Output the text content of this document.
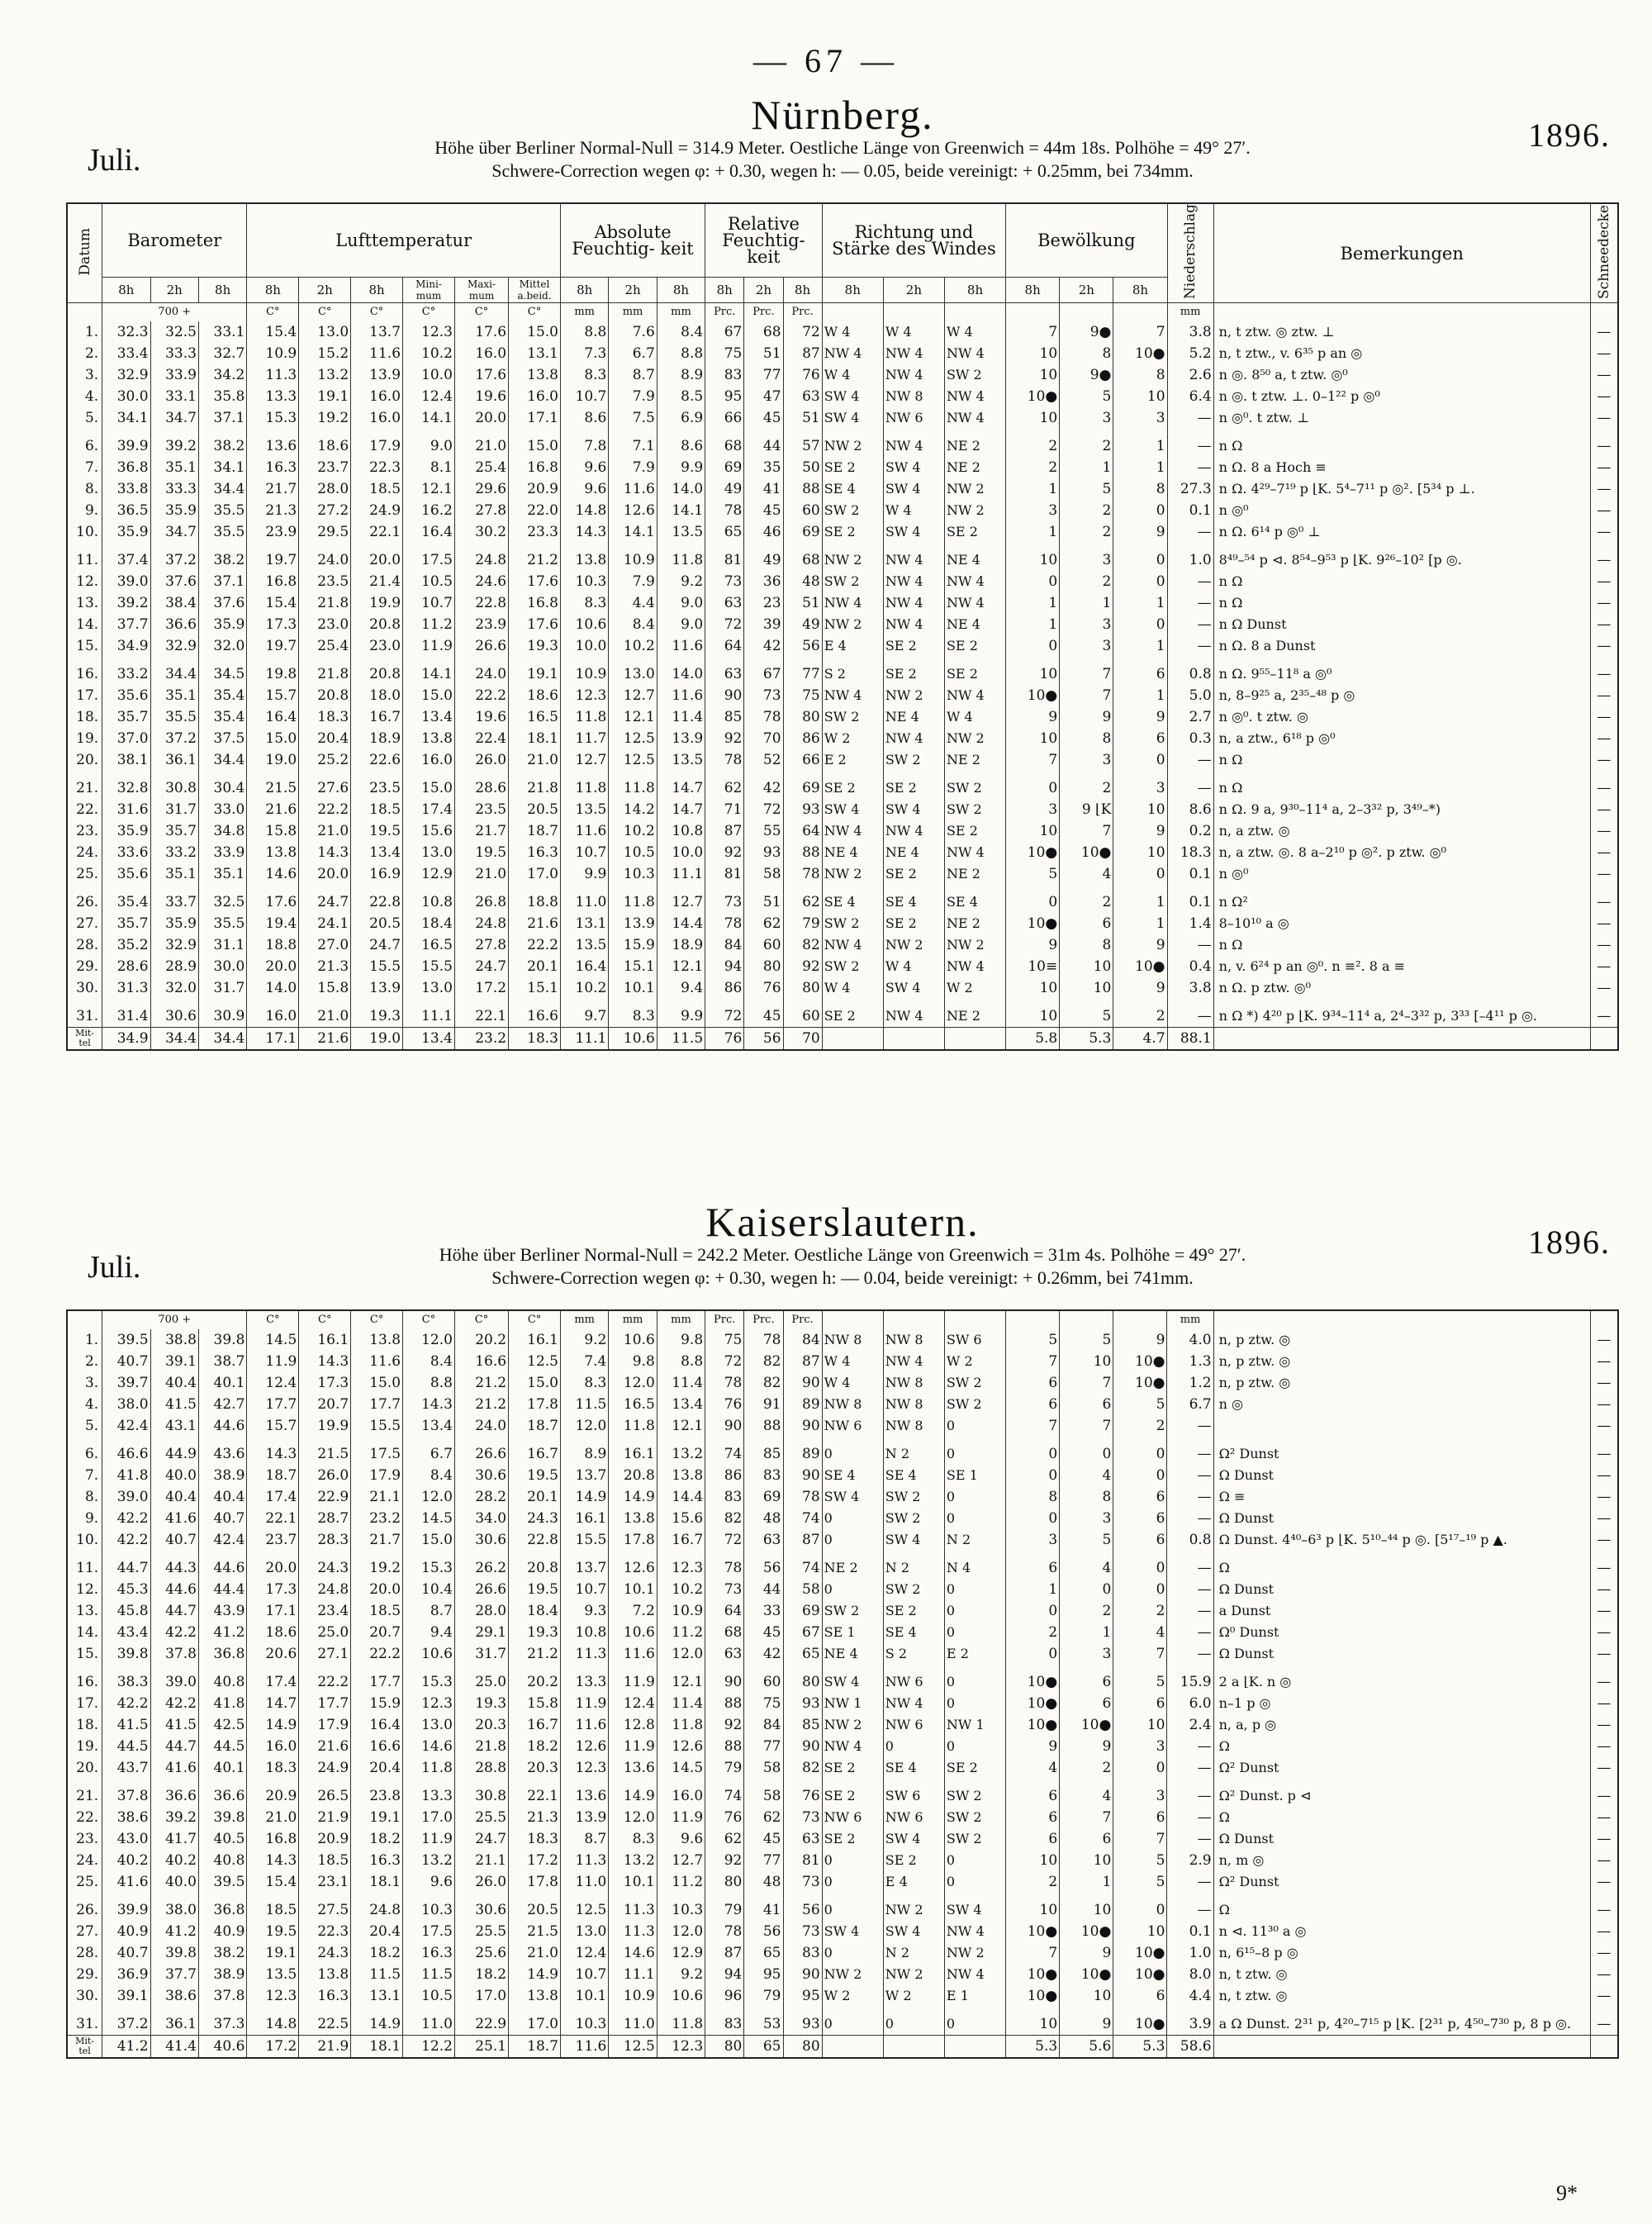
— 67 —
Juli.
Nürnberg.	1896.
Höhe über Berliner Normal-Null = 314.9 Meter. Oestliche Länge von Greenwich = 44m 18s. Polhöhe = 49° 27′.
Schwere-Correction wegen φ: + 0.30, wegen h: — 0.05, beide vereinigt: + 0.25mm, bei 734mm.
Datum	Barometer			Lufttemperatur						Absolute Feuchtig- keit			Relative Feuchtig- keit			Richtung und Stärke des Windes			Bewölkung			Niederschlag	Bemerkungen	Schneedecke
	8h	2h	8h	8h	2h	8h	Mini- mum	Maxi- mum	Mittel a.beid.	8h	2h	8h	8h	2h	8h	8h	2h	8h	8h	2h	8h			
	700 +			C°	C°	C°	C°	C°	C°	mm	mm	mm	Prc.	Prc.	Prc.							mm		
1.	32.3	32.5	33.1	15.4	13.0	13.7	12.3	17.6	15.0	8.8	7.6	8.4	67	68	72	W 4	W 4	W 4	7	9●	7	3.8	n, t ztw. ◎ ztw. ⊥	—
2.	33.4	33.3	32.7	10.9	15.2	11.6	10.2	16.0	13.1	7.3	6.7	8.8	75	51	87	NW 4	NW 4	NW 4	10	8	10●	5.2	n, t ztw., v. 6³⁵ p an ◎	—
3.	32.9	33.9	34.2	11.3	13.2	13.9	10.0	17.6	13.8	8.3	8.7	8.9	83	77	76	W 4	NW 4	SW 2	10	9●	8	2.6	n ◎. 8⁵⁰ a, t ztw. ◎⁰	—
4.	30.0	33.1	35.8	13.3	19.1	16.0	12.4	19.6	16.0	10.7	7.9	8.5	95	47	63	SW 4	NW 8	NW 4	10●	5	10	6.4	n ◎. t ztw. ⊥. 0–1²² p ◎⁰	—
5.	34.1	34.7	37.1	15.3	19.2	16.0	14.1	20.0	17.1	8.6	7.5	6.9	66	45	51	SW 4	NW 6	NW 4	10	3	3	—	n ◎⁰. t ztw. ⊥	—
6.	39.9	39.2	38.2	13.6	18.6	17.9	9.0	21.0	15.0	7.8	7.1	8.6	68	44	57	NW 2	NW 4	NE 2	2	2	1	—	n Ω	—
7.	36.8	35.1	34.1	16.3	23.7	22.3	8.1	25.4	16.8	9.6	7.9	9.9	69	35	50	SE 2	SW 4	NE 2	2	1	1	—	n Ω. 8 a Hoch ≡	—
8.	33.8	33.3	34.4	21.7	28.0	18.5	12.1	29.6	20.9	9.6	11.6	14.0	49	41	88	SE 4	SW 4	NW 2	1	5	8	27.3	n Ω. 4²⁹–7¹⁹ p ⌊Κ. 5⁴–7¹¹ p ◎². [5³⁴ p ⊥.	—
9.	36.5	35.9	35.5	21.3	27.2	24.9	16.2	27.8	22.0	14.8	12.6	14.1	78	45	60	SW 2	W 4	NW 2	3	2	0	0.1	n ◎⁰	—
10.	35.9	34.7	35.5	23.9	29.5	22.1	16.4	30.2	23.3	14.3	14.1	13.5	65	46	69	SE 2	SW 4	SE 2	1	2	9	—	n Ω. 6¹⁴ p ◎⁰ ⊥	—
11.	37.4	37.2	38.2	19.7	24.0	20.0	17.5	24.8	21.2	13.8	10.9	11.8	81	49	68	NW 2	NW 4	NE 4	10	3	0	1.0	8⁴⁹–⁵⁴ p ⊲. 8⁵⁴–9⁵³ p ⌊Κ. 9²⁶–10² [p ◎.	—
12.	39.0	37.6	37.1	16.8	23.5	21.4	10.5	24.6	17.6	10.3	7.9	9.2	73	36	48	SW 2	NW 4	NW 4	0	2	0	—	n Ω	—
13.	39.2	38.4	37.6	15.4	21.8	19.9	10.7	22.8	16.8	8.3	4.4	9.0	63	23	51	NW 4	NW 4	NW 4	1	1	1	—	n Ω	—
14.	37.7	36.6	35.9	17.3	23.0	20.8	11.2	23.9	17.6	10.6	8.4	9.0	72	39	49	NW 2	NW 4	NE 4	1	3	0	—	n Ω Dunst	—
15.	34.9	32.9	32.0	19.7	25.4	23.0	11.9	26.6	19.3	10.0	10.2	11.6	64	42	56	E 4	SE 2	SE 2	0	3	1	—	n Ω. 8 a Dunst	—
16.	33.2	34.4	34.5	19.8	21.8	20.8	14.1	24.0	19.1	10.9	13.0	14.0	63	67	77	S 2	SE 2	SE 2	10	7	6	0.8	n Ω. 9⁵⁵–11⁸ a ◎⁰	—
17.	35.6	35.1	35.4	15.7	20.8	18.0	15.0	22.2	18.6	12.3	12.7	11.6	90	73	75	NW 4	NW 2	NW 4	10●	7	1	5.0	n, 8–9²⁵ a, 2³⁵–⁴⁸ p ◎	—
18.	35.7	35.5	35.4	16.4	18.3	16.7	13.4	19.6	16.5	11.8	12.1	11.4	85	78	80	SW 2	NE 4	W 4	9	9	9	2.7	n ◎⁰. t ztw. ◎	—
19.	37.0	37.2	37.5	15.0	20.4	18.9	13.8	22.4	18.1	11.7	12.5	13.9	92	70	86	W 2	NW 4	NW 2	10	8	6	0.3	n, a ztw., 6¹⁸ p ◎⁰	—
20.	38.1	36.1	34.4	19.0	25.2	22.6	16.0	26.0	21.0	12.7	12.5	13.5	78	52	66	E 2	SW 2	NE 2	7	3	0	—	n Ω	—
21.	32.8	30.8	30.4	21.5	27.6	23.5	15.0	28.6	21.8	11.8	11.8	14.7	62	42	69	SE 2	SE 2	SW 2	0	2	3	—	n Ω	—
22.	31.6	31.7	33.0	21.6	22.2	18.5	17.4	23.5	20.5	13.5	14.2	14.7	71	72	93	SW 4	SW 4	SW 2	3	9 ⌊Κ	10	8.6	n Ω. 9 a, 9³⁰–11⁴ a, 2–3³² p, 3⁴⁹–*)	—
23.	35.9	35.7	34.8	15.8	21.0	19.5	15.6	21.7	18.7	11.6	10.2	10.8	87	55	64	NW 4	NW 4	SE 2	10	7	9	0.2	n, a ztw. ◎	—
24.	33.6	33.2	33.9	13.8	14.3	13.4	13.0	19.5	16.3	10.7	10.5	10.0	92	93	88	NE 4	NE 4	NW 4	10●	10●	10	18.3	n, a ztw. ◎. 8 a–2¹⁰ p ◎². p ztw. ◎⁰	—
25.	35.6	35.1	35.1	14.6	20.0	16.9	12.9	21.0	17.0	9.9	10.3	11.1	81	58	78	NW 2	SE 2	NE 2	5	4	0	0.1	n ◎⁰	—
26.	35.4	33.7	32.5	17.6	24.7	22.8	10.8	26.8	18.8	11.0	11.8	12.7	73	51	62	SE 4	SE 4	SE 4	0	2	1	0.1	n Ω²	—
27.	35.7	35.9	35.5	19.4	24.1	20.5	18.4	24.8	21.6	13.1	13.9	14.4	78	62	79	SW 2	SE 2	NE 2	10●	6	1	1.4	8–10¹⁰ a ◎	—
28.	35.2	32.9	31.1	18.8	27.0	24.7	16.5	27.8	22.2	13.5	15.9	18.9	84	60	82	NW 4	NW 2	NW 2	9	8	9	—	n Ω	—
29.	28.6	28.9	30.0	20.0	21.3	15.5	15.5	24.7	20.1	16.4	15.1	12.1	94	80	92	SW 2	W 4	NW 4	10≡	10	10●	0.4	n, v. 6²⁴ p an ◎⁰. n ≡². 8 a ≡	—
30.	31.3	32.0	31.7	14.0	15.8	13.9	13.0	17.2	15.1	10.2	10.1	9.4	86	76	80	W 4	SW 4	W 2	10	10	9	3.8	n Ω. p ztw. ◎⁰	—
31.	31.4	30.6	30.9	16.0	21.0	19.3	11.1	22.1	16.6	9.7	8.3	9.9	72	45	60	SE 2	NW 4	NE 2	10	5	2	—	n Ω *) 4²⁰ p ⌊Κ. 9³⁴–11⁴ a, 2⁴–3³² p, 3³³ [–4¹¹ p ◎.	—
Mit- tel	34.9	34.4	34.4	17.1	21.6	19.0	13.4	23.2	18.3	11.1	10.6	11.5	76	56	70				5.8	5.3	4.7	88.1		
Juli.
Kaiserslautern.	1896.
Höhe über Berliner Normal-Null = 242.2 Meter. Oestliche Länge von Greenwich = 31m 4s. Polhöhe = 49° 27′.
Schwere-Correction wegen φ: + 0.30, wegen h: — 0.04, beide vereinigt: + 0.26mm, bei 741mm.
	700 +			C°	C°	C°	C°	C°	C°	mm	mm	mm	Prc.	Prc.	Prc.							mm		
1.	39.5	38.8	39.8	14.5	16.1	13.8	12.0	20.2	16.1	9.2	10.6	9.8	75	78	84	NW 8	NW 8	SW 6	5	5	9	4.0	n, p ztw. ◎	—
2.	40.7	39.1	38.7	11.9	14.3	11.6	8.4	16.6	12.5	7.4	9.8	8.8	72	82	87	W 4	NW 4	W 2	7	10	10●	1.3	n, p ztw. ◎	—
3.	39.7	40.4	40.1	12.4	17.3	15.0	8.8	21.2	15.0	8.3	12.0	11.4	78	82	90	W 4	NW 8	SW 2	6	7	10●	1.2	n, p ztw. ◎	—
4.	38.0	41.5	42.7	17.7	20.7	17.7	14.3	21.2	17.8	11.5	16.5	13.4	76	91	89	NW 8	NW 8	SW 2	6	6	5	6.7	n ◎	—
5.	42.4	43.1	44.6	15.7	19.9	15.5	13.4	24.0	18.7	12.0	11.8	12.1	90	88	90	NW 6	NW 8	0	7	7	2	—		—
6.	46.6	44.9	43.6	14.3	21.5	17.5	6.7	26.6	16.7	8.9	16.1	13.2	74	85	89	0	N 2	0	0	0	0	—	Ω² Dunst	—
7.	41.8	40.0	38.9	18.7	26.0	17.9	8.4	30.6	19.5	13.7	20.8	13.8	86	83	90	SE 4	SE 4	SE 1	0	4	0	—	Ω Dunst	—
8.	39.0	40.4	40.4	17.4	22.9	21.1	12.0	28.2	20.1	14.9	14.9	14.4	83	69	78	SW 4	SW 2	0	8	8	6	—	Ω ≡	—
9.	42.2	41.6	40.7	22.1	28.7	23.2	14.5	34.0	24.3	16.1	13.8	15.6	82	48	74	0	SW 2	0	0	3	6	—	Ω Dunst	—
10.	42.2	40.7	42.4	23.7	28.3	21.7	15.0	30.6	22.8	15.5	17.8	16.7	72	63	87	0	SW 4	N 2	3	5	6	0.8	Ω Dunst. 4⁴⁰–6³ p ⌊Κ. 5¹⁰–⁴⁴ p ◎. [5¹⁷–¹⁹ p ▲.	—
11.	44.7	44.3	44.6	20.0	24.3	19.2	15.3	26.2	20.8	13.7	12.6	12.3	78	56	74	NE 2	N 2	N 4	6	4	0	—	Ω	—
12.	45.3	44.6	44.4	17.3	24.8	20.0	10.4	26.6	19.5	10.7	10.1	10.2	73	44	58	0	SW 2	0	1	0	0	—	Ω Dunst	—
13.	45.8	44.7	43.9	17.1	23.4	18.5	8.7	28.0	18.4	9.3	7.2	10.9	64	33	69	SW 2	SE 2	0	0	2	2	—	a Dunst	—
14.	43.4	42.2	41.2	18.6	25.0	20.7	9.4	29.1	19.3	10.8	10.6	11.2	68	45	67	SE 1	SE 4	0	2	1	4	—	Ω⁰ Dunst	—
15.	39.8	37.8	36.8	20.6	27.1	22.2	10.6	31.7	21.2	11.3	11.6	12.0	63	42	65	NE 4	S 2	E 2	0	3	7	—	Ω Dunst	—
16.	38.3	39.0	40.8	17.4	22.2	17.7	15.3	25.0	20.2	13.3	11.9	12.1	90	60	80	SW 4	NW 6	0	10●	6	5	15.9	2 a ⌊Κ. n ◎	—
17.	42.2	42.2	41.8	14.7	17.7	15.9	12.3	19.3	15.8	11.9	12.4	11.4	88	75	93	NW 1	NW 4	0	10●	6	6	6.0	n–1 p ◎	—
18.	41.5	41.5	42.5	14.9	17.9	16.4	13.0	20.3	16.7	11.6	12.8	11.8	92	84	85	NW 2	NW 6	NW 1	10●	10●	10	2.4	n, a, p ◎	—
19.	44.5	44.7	44.5	16.0	21.6	16.6	14.6	21.8	18.2	12.6	11.9	12.6	88	77	90	NW 4	0	0	9	9	3	—	Ω	—
20.	43.7	41.6	40.1	18.3	24.9	20.4	11.8	28.8	20.3	12.3	13.6	14.5	79	58	82	SE 2	SE 4	SE 2	4	2	0	—	Ω² Dunst	—
21.	37.8	36.6	36.6	20.9	26.5	23.8	13.3	30.8	22.1	13.6	14.9	16.0	74	58	76	SE 2	SW 6	SW 2	6	4	3	—	Ω² Dunst. p ⊲	—
22.	38.6	39.2	39.8	21.0	21.9	19.1	17.0	25.5	21.3	13.9	12.0	11.9	76	62	73	NW 6	NW 6	SW 2	6	7	6	—	Ω	—
23.	43.0	41.7	40.5	16.8	20.9	18.2	11.9	24.7	18.3	8.7	8.3	9.6	62	45	63	SE 2	SW 4	SW 2	6	6	7	—	Ω Dunst	—
24.	40.2	40.2	40.8	14.3	18.5	16.3	13.2	21.1	17.2	11.3	13.2	12.7	92	77	81	0	SE 2	0	10	10	5	2.9	n, m ◎	—
25.	41.6	40.0	39.5	15.4	23.1	18.1	9.6	26.0	17.8	11.0	10.1	11.2	80	48	73	0	E 4	0	2	1	5	—	Ω² Dunst	—
26.	39.9	38.0	36.8	18.5	27.5	24.8	10.3	30.6	20.5	12.5	11.3	10.3	79	41	56	0	NW 2	SW 4	10	10	0	—	Ω	—
27.	40.9	41.2	40.9	19.5	22.3	20.4	17.5	25.5	21.5	13.0	11.3	12.0	78	56	73	SW 4	SW 4	NW 4	10●	10●	10	0.1	n ⊲. 11³⁰ a ◎	—
28.	40.7	39.8	38.2	19.1	24.3	18.2	16.3	25.6	21.0	12.4	14.6	12.9	87	65	83	0	N 2	NW 2	7	9	10●	1.0	n, 6¹⁵–8 p ◎	—
29.	36.9	37.7	38.9	13.5	13.8	11.5	11.5	18.2	14.9	10.7	11.1	9.2	94	95	90	NW 2	NW 2	NW 4	10●	10●	10●	8.0	n, t ztw. ◎	—
30.	39.1	38.6	37.8	12.3	16.3	13.1	10.5	17.0	13.8	10.1	10.9	10.6	96	79	95	W 2	W 2	E 1	10●	10	6	4.4	n, t ztw. ◎	—
31.	37.2	36.1	37.3	14.8	22.5	14.9	11.0	22.9	17.0	10.3	11.0	11.8	83	53	93	0	0	0	10	9	10●	3.9	a Ω Dunst. 2³¹ p, 4²⁰–7¹⁵ p ⌊Κ. [2³¹ p, 4⁵⁰–7³⁰ p, 8 p ◎.	—
Mit- tel	41.2	41.4	40.6	17.2	21.9	18.1	12.2	25.1	18.7	11.6	12.5	12.3	80	65	80				5.3	5.6	5.3	58.6		
9*
